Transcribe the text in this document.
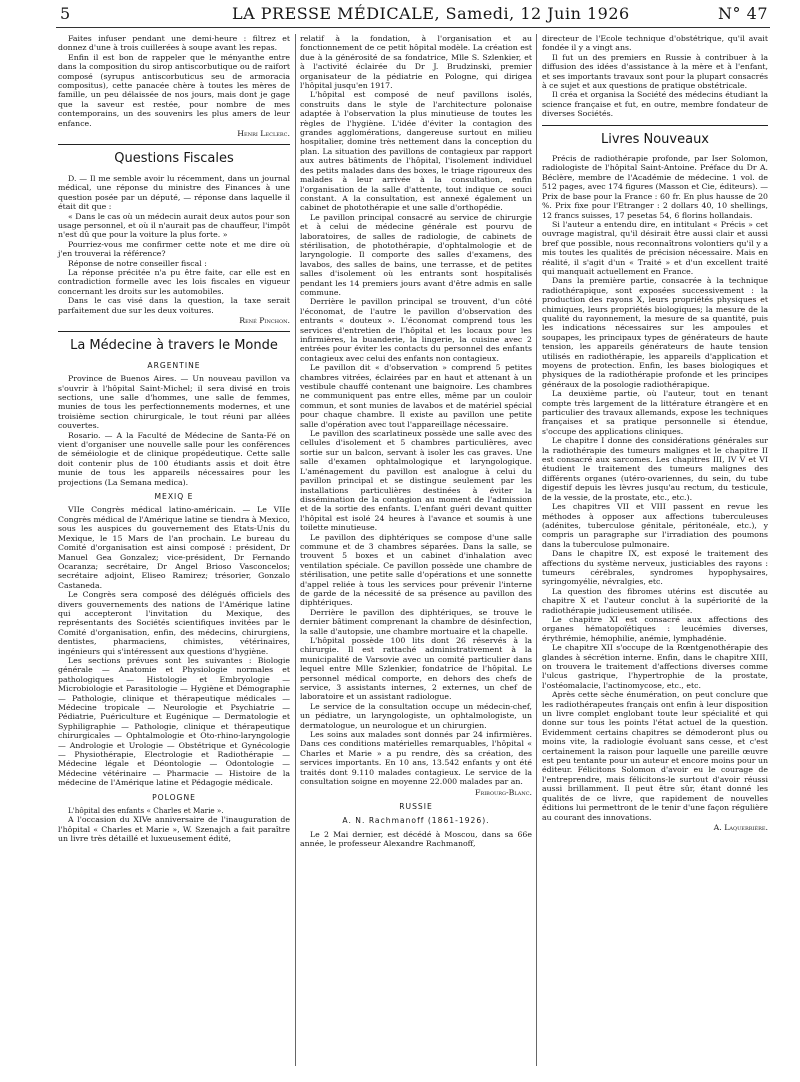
5	LA PRESSE MÉDICALE, Samedi, 12 Juin 1926	N° 47

Faites infuser pendant une demi-heure : filtrez et donnez d'une à trois cuillerées à soupe avant les repas.

Enfin il est bon de rappeler que le ményanthe entre dans la composition du sirop antiscorbutique ou de raifort composé (syrupus antiscorbuticus seu de armoracia compositus), cette panacée chère à toutes les mères de famille, un peu délaissée de nos jours, mais dont je gage que la saveur est restée, pour nombre de mes contemporains, un des souvenirs les plus amers de leur enfance.

Henri Leclerc.
Questions Fiscales

D. — Il me semble avoir lu récemment, dans un journal médical, une réponse du ministre des Finances à une question posée par un député, — réponse dans laquelle il était dit que :

« Dans le cas où un médecin aurait deux autos pour son usage personnel, et où il n'aurait pas de chauffeur, l'impôt n'est dû que pour la voiture la plus forte. »

Pourriez-vous me confirmer cette note et me dire où j'en trouverai la référence?

Réponse de notre conseiller fiscal :

La réponse précitée n'a pu être faite, car elle est en contradiction formelle avec les lois fiscales en vigueur concernant les droits sur les automobiles.

Dans le cas visé dans la question, la taxe serait parfaitement due sur les deux voitures.

René Pinchon.
La Médecine à travers le Monde
ARGENTINE

Province de Buenos Aires. — Un nouveau pavillon va s'ouvrir à l'hôpital Saint-Michel; il sera divisé en trois sections, une salle d'hommes, une salle de femmes, munies de tous les perfectionnements modernes, et une troisième section chirurgicale, le tout réuni par allées couvertes.

Rosario. — A la Faculté de Médecine de Santa-Fé on vient d'organiser une nouvelle salle pour les conférences de séméiologie et de clinique propédeutique. Cette salle doit contenir plus de 100 étudiants assis et doit être munie de tous les appareils nécessaires pour les projections (La Semana medica).

MEXIQ E

VIIe Congrès médical latino-américain. — Le VIIe Congrès médical de l'Amérique latine se tiendra à Mexico, sous les auspices du gouvernement des Etats-Unis du Mexique, le 15 Mars de l'an prochain. Le bureau du Comité d'organisation est ainsi composé : président, Dr Manuel Gea Gonzalez; vice-président, Dr Fernando Ocaranza; secrétaire, Dr Angel Brioso Vasconcelos; secrétaire adjoint, Eliseo Ramirez; trésorier, Gonzalo Castaneda.

Le Congrès sera composé des délégués officiels des divers gouvernements des nations de l'Amérique latine qui accepteront l'invitation du Mexique, des représentants des Sociétés scientifiques invitées par le Comité d'organisation, enfin, des médecins, chirurgiens, dentistes, pharmaciens, chimistes, vétérinaires, ingénieurs qui s'intéressent aux questions d'hygiène.

Les sections prévues sont les suivantes : Biologie générale — Anatomie et Physiologie normales et pathologiques — Histologie et Embryologie — Microbiologie et Parasitologie — Hygiène et Démographie — Pathologie, clinique et thérapeutique médicales — Médecine tropicale — Neurologie et Psychiatrie — Pédiatrie, Puériculture et Eugénique — Dermatologie et Syphiligraphie — Pathologie, clinique et thérapeutique chirurgicales — Ophtalmologie et Oto-rhino-laryngologie — Andrologie et Urologie — Obstétrique et Gynécologie — Physiothérapie, Electrologie et Radiothérapie — Médecine légale et Déontologie — Odontologie — Médecine vétérinaire — Pharmacie — Histoire de la médecine de l'Amérique latine et Pédagogie médicale.

POLOGNE

L'hôpital des enfants « Charles et Marie ».

A l'occasion du XIVe anniversaire de l'inauguration de l'hôpital « Charles et Marie », W. Szenajch a fait paraître un livre très détaillé et luxueusement édité,

relatif à la fondation, à l'organisation et au fonctionnement de ce petit hôpital modèle. La création est due à la générosité de sa fondatrice, Mlle S. Szlenkier, et à l'activité éclairée du Dr J. Brudzinski, premier organisateur de la pédiatrie en Pologne, qui dirigea l'hôpital jusqu'en 1917.

L'hôpital est composé de neuf pavillons isolés, construits dans le style de l'architecture polonaise adaptée à l'observation la plus minutieuse de toutes les règles de l'hygiène. L'idée d'éviter la contagion des grandes agglomérations, dangereuse surtout en milieu hospitalier, domine très nettement dans la conception du plan. La situation des pavillons de contagieux par rapport aux autres bâtiments de l'hôpital, l'isolement individuel des petits malades dans des boxes, le triage rigoureux des malades à leur arrivée à la consultation, enfin l'organisation de la salle d'attente, tout indique ce souci constant. A la consultation, est annexé également un cabinet de photothérapie et une salle d'orthopédie.

Le pavillon principal consacré au service de chirurgie et à celui de médecine générale est pourvu de laboratoires, de salles de radiologie, de cabinets de stérilisation, de photothérapie, d'ophtalmologie et de laryngologie. Il comporte des salles d'examens, des lavabos, des salles de bains, une terrasse, et de petites salles d'isolement où les entrants sont hospitalisés pendant les 14 premiers jours avant d'être admis en salle commune.

Derrière le pavillon principal se trouvent, d'un côté l'économat, de l'autre le pavillon d'observation des entrants « douteux ». L'économat comprend tous les services d'entretien de l'hôpital et les locaux pour les infirmières, la buanderie, la lingerie, la cuisine avec 2 entrées pour éviter les contacts du personnel des enfants contagieux avec celui des enfants non contagieux.

Le pavillon dit « d'observation » comprend 5 petites chambres vitrées, éclairées par en haut et attenant à un vestibule chauffé contenant une baignoire. Les chambres ne communiquent pas entre elles, même par un couloir commun, et sont munies de lavabos et de matériel spécial pour chaque chambre. Il existe au pavillon une petite salle d'opération avec tout l'appareillage nécessaire.

Le pavillon des scarlatineux possède une salle avec des cellules d'isolement et 5 chambres particulières, avec sortie sur un balcon, servant à isoler les cas graves. Une salle d'examen ophtalmologique et laryngologique. L'aménagement du pavillon est analogue à celui du pavillon principal et se distingue seulement par les installations particulières destinées à éviter la dissémination de la contagion au moment de l'admission et de la sortie des enfants. L'enfant guéri devant quitter l'hôpital est isolé 24 heures à l'avance et soumis à une toilette minutieuse.

Le pavillon des diphtériques se compose d'une salle commune et de 3 chambres séparées. Dans la salle, se trouvent 5 boxes et un cabinet d'inhalation avec ventilation spéciale. Ce pavillon possède une chambre de stérilisation, une petite salle d'opérations et une sonnette d'appel reliée à tous les services pour prévenir l'interne de garde de la nécessité de sa présence au pavillon des diphtériques.

Derrière le pavillon des diphtériques, se trouve le dernier bâtiment comprenant la chambre de désinfection, la salle d'autopsie, une chambre mortuaire et la chapelle.

L'hôpital possède 100 lits dont 26 réservés à la chirurgie. Il est rattaché administrativement à la municipalité de Varsovie avec un comité particulier dans lequel entre Mlle Szlenkier, fondatrice de l'hôpital. Le personnel médical comporte, en dehors des chefs de service, 3 assistants internes, 2 externes, un chef de laboratoire et un assistant radiologue.

Le service de la consultation occupe un médecin-chef, un pédiatre, un laryngologiste, un ophtalmologiste, un dermatologue, un neurologue et un chirurgien.

Les soins aux malades sont donnés par 24 infirmières. Dans ces conditions matérielles remarquables, l'hôpital « Charles et Marie » a pu rendre, dès sa création, des services importants. En 10 ans, 13.542 enfants y ont été traités dont 9.110 malades contagieux. Le service de la consultation soigne en moyenne 22.000 malades par an.

Fribourg-Blanc.
RUSSIE
A. N. Rachmanoff (1861-1926).

Le 2 Mai dernier, est décédé à Moscou, dans sa 66e année, le professeur Alexandre Rachmanoff,

directeur de l'Ecole technique d'obstétrique, qu'il avait fondée il y a vingt ans.

Il fut un des premiers en Russie à contribuer à la diffusion des idées d'assistance à la mère et à l'enfant, et ses importants travaux sont pour la plupart consacrés à ce sujet et aux questions de pratique obstétricale.

Il créa et organisa la Société des médecins étudiant la science française et fut, en outre, membre fondateur de diverses Sociétés.

Livres Nouveaux

Précis de radiothérapie profonde, par Iser Solomon, radiologiste de l'hôpital Saint-Antoine. Préface du Dr A. Béclère, membre de l'Académie de médecine. 1 vol. de 512 pages, avec 174 figures (Masson et Cie, éditeurs). — Prix de base pour la France : 60 fr. En plus hausse de 20 %. Prix fixe pour l'Etranger : 2 dollars 40, 10 shellings, 12 francs suisses, 17 pesetas 54, 6 florins hollandais.

Si l'auteur a entendu dire, en intitulant « Précis » cet ouvrage magistral, qu'il désirait être aussi clair et aussi bref que possible, nous reconnaîtrons volontiers qu'il y a mis toutes les qualités de précision nécessaire. Mais en réalité, il s'agit d'un « Traité » et d'un excellent traité qui manquait actuellement en France.

Dans la première partie, consacrée à la technique radiothérapique, sont exposées successivement : la production des rayons X, leurs propriétés physiques et chimiques, leurs propriétés biologiques; la mesure de la qualité du rayonnement, la mesure de sa quantité, puis les indications nécessaires sur les ampoules et soupapes, les principaux types de générateurs de haute tension, les appareils générateurs de haute tension utilisés en radiothérapie, les appareils d'application et moyens de protection. Enfin, les bases biologiques et physiques de la radiothérapie profonde et les principes généraux de la posologie radiothérapique.

La deuxième partie, où l'auteur, tout en tenant compte très largement de la littérature étrangère et en particulier des travaux allemands, expose les techniques françaises et sa pratique personnelle si étendue, s'occupe des applications cliniques.

Le chapitre I donne des considérations générales sur la radiothérapie des tumeurs malignes et le chapitre II est consacré aux sarcomes. Les chapitres III, IV V et VI étudient le traitement des tumeurs malignes des différents organes (utéro-ovariennes, du sein, du tube digestif depuis les lèvres jusqu'au rectum, du testicule, de la vessie, de la prostate, etc., etc.).

Les chapitres VII et VIII passent en revue les méthodes à opposer aux affections tuberculeuses (adénites, tuberculose génitale, péritonéale, etc.), y compris un paragraphe sur l'irradiation des poumons dans la tuberculose pulmonaire.

Dans le chapitre IX, est exposé le traitement des affections du système nerveux, justiciables des rayons : tumeurs cérébrales, syndromes hypophysaires, syringomyélie, névralgies, etc.

La question des fibromes utérins est discutée au chapitre X et l'auteur conclut à la supériorité de la radiothérapie judicieusement utilisée.

Le chapitre XI est consacré aux affections des organes hématopoïétiques : leucémies diverses, érythrémie, hémophilie, anémie, lymphadénie.

Le chapitre XII s'occupe de la Rœntgenothérapie des glandes à sécrétion interne. Enfin, dans le chapitre XIII, on trouvera le traitement d'affections diverses comme l'ulcus gastrique, l'hypertrophie de la prostate, l'ostéomalacie, l'actinomycose, etc., etc.

Après cette sèche énumération, on peut conclure que les radiothérapeutes français ont enfin à leur disposition un livre complet englobant toute leur spécialité et qui donne sur tous les points l'état actuel de la question. Evidemment certains chapitres se démoderont plus ou moins vite, la radiologie évoluant sans cesse, et c'est certainement la raison pour laquelle une pareille œuvre est peu tentante pour un auteur et encore moins pour un éditeur. Félicitons Solomon d'avoir eu le courage de l'entreprendre, mais félicitons-le surtout d'avoir réussi aussi brillamment. Il peut être sûr, étant donné les qualités de ce livre, que rapidement de nouvelles éditions lui permettront de le tenir d'une façon régulière au courant des innovations.

A. Laquerrière.
